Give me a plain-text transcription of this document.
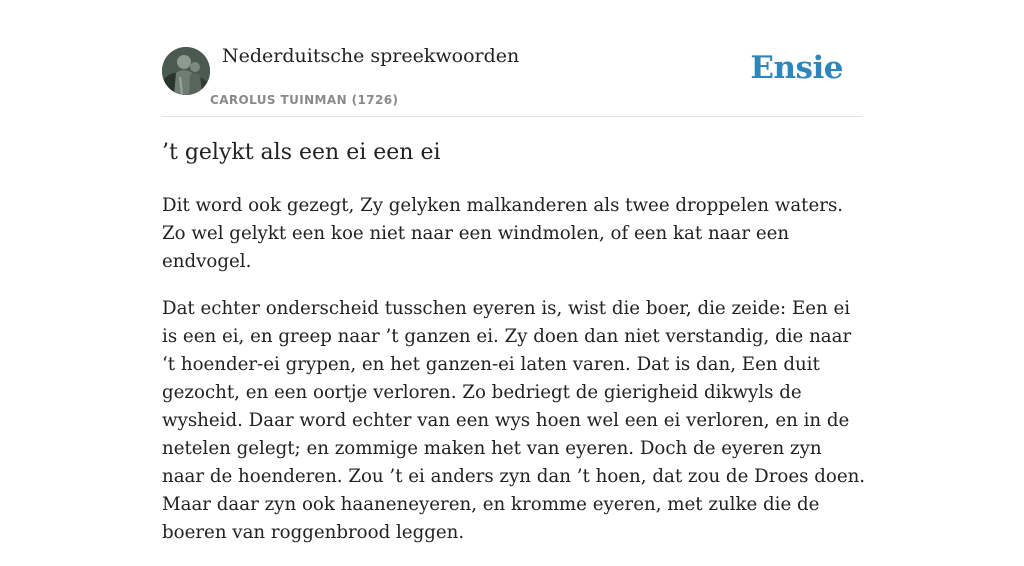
Nederduitsche spreekwoorden
CAROLUS TUINMAN (1726)
Ensie
’t gelykt als een ei een ei

Dit word ook gezegt, Zy gelyken malkanderen als twee droppelen waters. Zo wel gelykt een koe niet naar een windmolen, of een kat naar een endvogel.

Dat echter onderscheid tusschen eyeren is, wist die boer, die zeide: Een ei is een ei, en greep naar ’t ganzen ei. Zy doen dan niet verstandig, die naar ‘t hoender-ei grypen, en het ganzen-ei laten varen. Dat is dan, Een duit gezocht, en een oortje verloren. Zo bedriegt de gierigheid dikwyls de wysheid. Daar word echter van een wys hoen wel een ei verloren, en in de netelen gelegt; en zommige maken het van eyeren. Doch de eyeren zyn naar de hoenderen. Zou ’t ei anders zyn dan ’t hoen, dat zou de Droes doen. Maar daar zyn ook haaneneyeren, en kromme eyeren, met zulke die de boeren van roggenbrood leggen.
